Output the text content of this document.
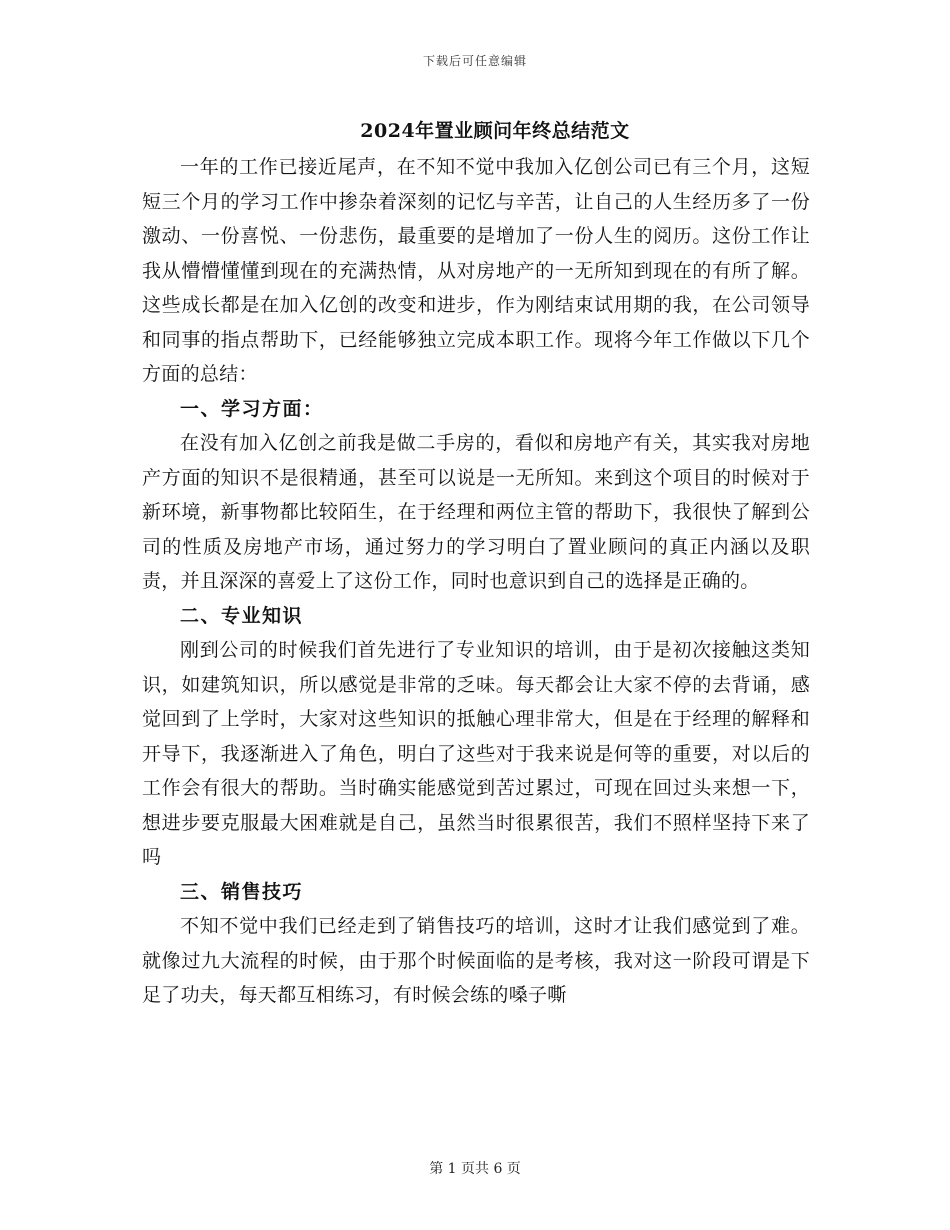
下载后可任意编辑
2024年置业顾问年终总结范文

一年的工作已接近尾声，在不知不觉中我加入亿创公司已有三个月，这短短三个月的学习工作中掺杂着深刻的记忆与辛苦，让自己的人生经历多了一份激动、一份喜悦、一份悲伤，最重要的是增加了一份人生的阅历。这份工作让我从懵懵懂懂到现在的充满热情，从对房地产的一无所知到现在的有所了解。这些成长都是在加入亿创的改变和进步，作为刚结束试用期的我，在公司领导和同事的指点帮助下，已经能够独立完成本职工作。现将今年工作做以下几个方面的总结：

一、学习方面：

在没有加入亿创之前我是做二手房的，看似和房地产有关，其实我对房地产方面的知识不是很精通，甚至可以说是一无所知。来到这个项目的时候对于新环境，新事物都比较陌生，在于经理和两位主管的帮助下，我很快了解到公司的性质及房地产市场，通过努力的学习明白了置业顾问的真正内涵以及职责，并且深深的喜爱上了这份工作，同时也意识到自己的选择是正确的。

二、专业知识

刚到公司的时候我们首先进行了专业知识的培训，由于是初次接触这类知识，如建筑知识，所以感觉是非常的乏味。每天都会让大家不停的去背诵，感觉回到了上学时，大家对这些知识的抵触心理非常大，但是在于经理的解释和开导下，我逐渐进入了角色，明白了这些对于我来说是何等的重要，对以后的工作会有很大的帮助。当时确实能感觉到苦过累过，可现在回过头来想一下，想进步要克服最大困难就是自己，虽然当时很累很苦，我们不照样坚持下来了吗

三、销售技巧

不知不觉中我们已经走到了销售技巧的培训，这时才让我们感觉到了难。就像过九大流程的时候，由于那个时候面临的是考核，我对这一阶段可谓是下足了功夫，每天都互相练习，有时候会练的嗓子嘶

第 1 页共 6 页
